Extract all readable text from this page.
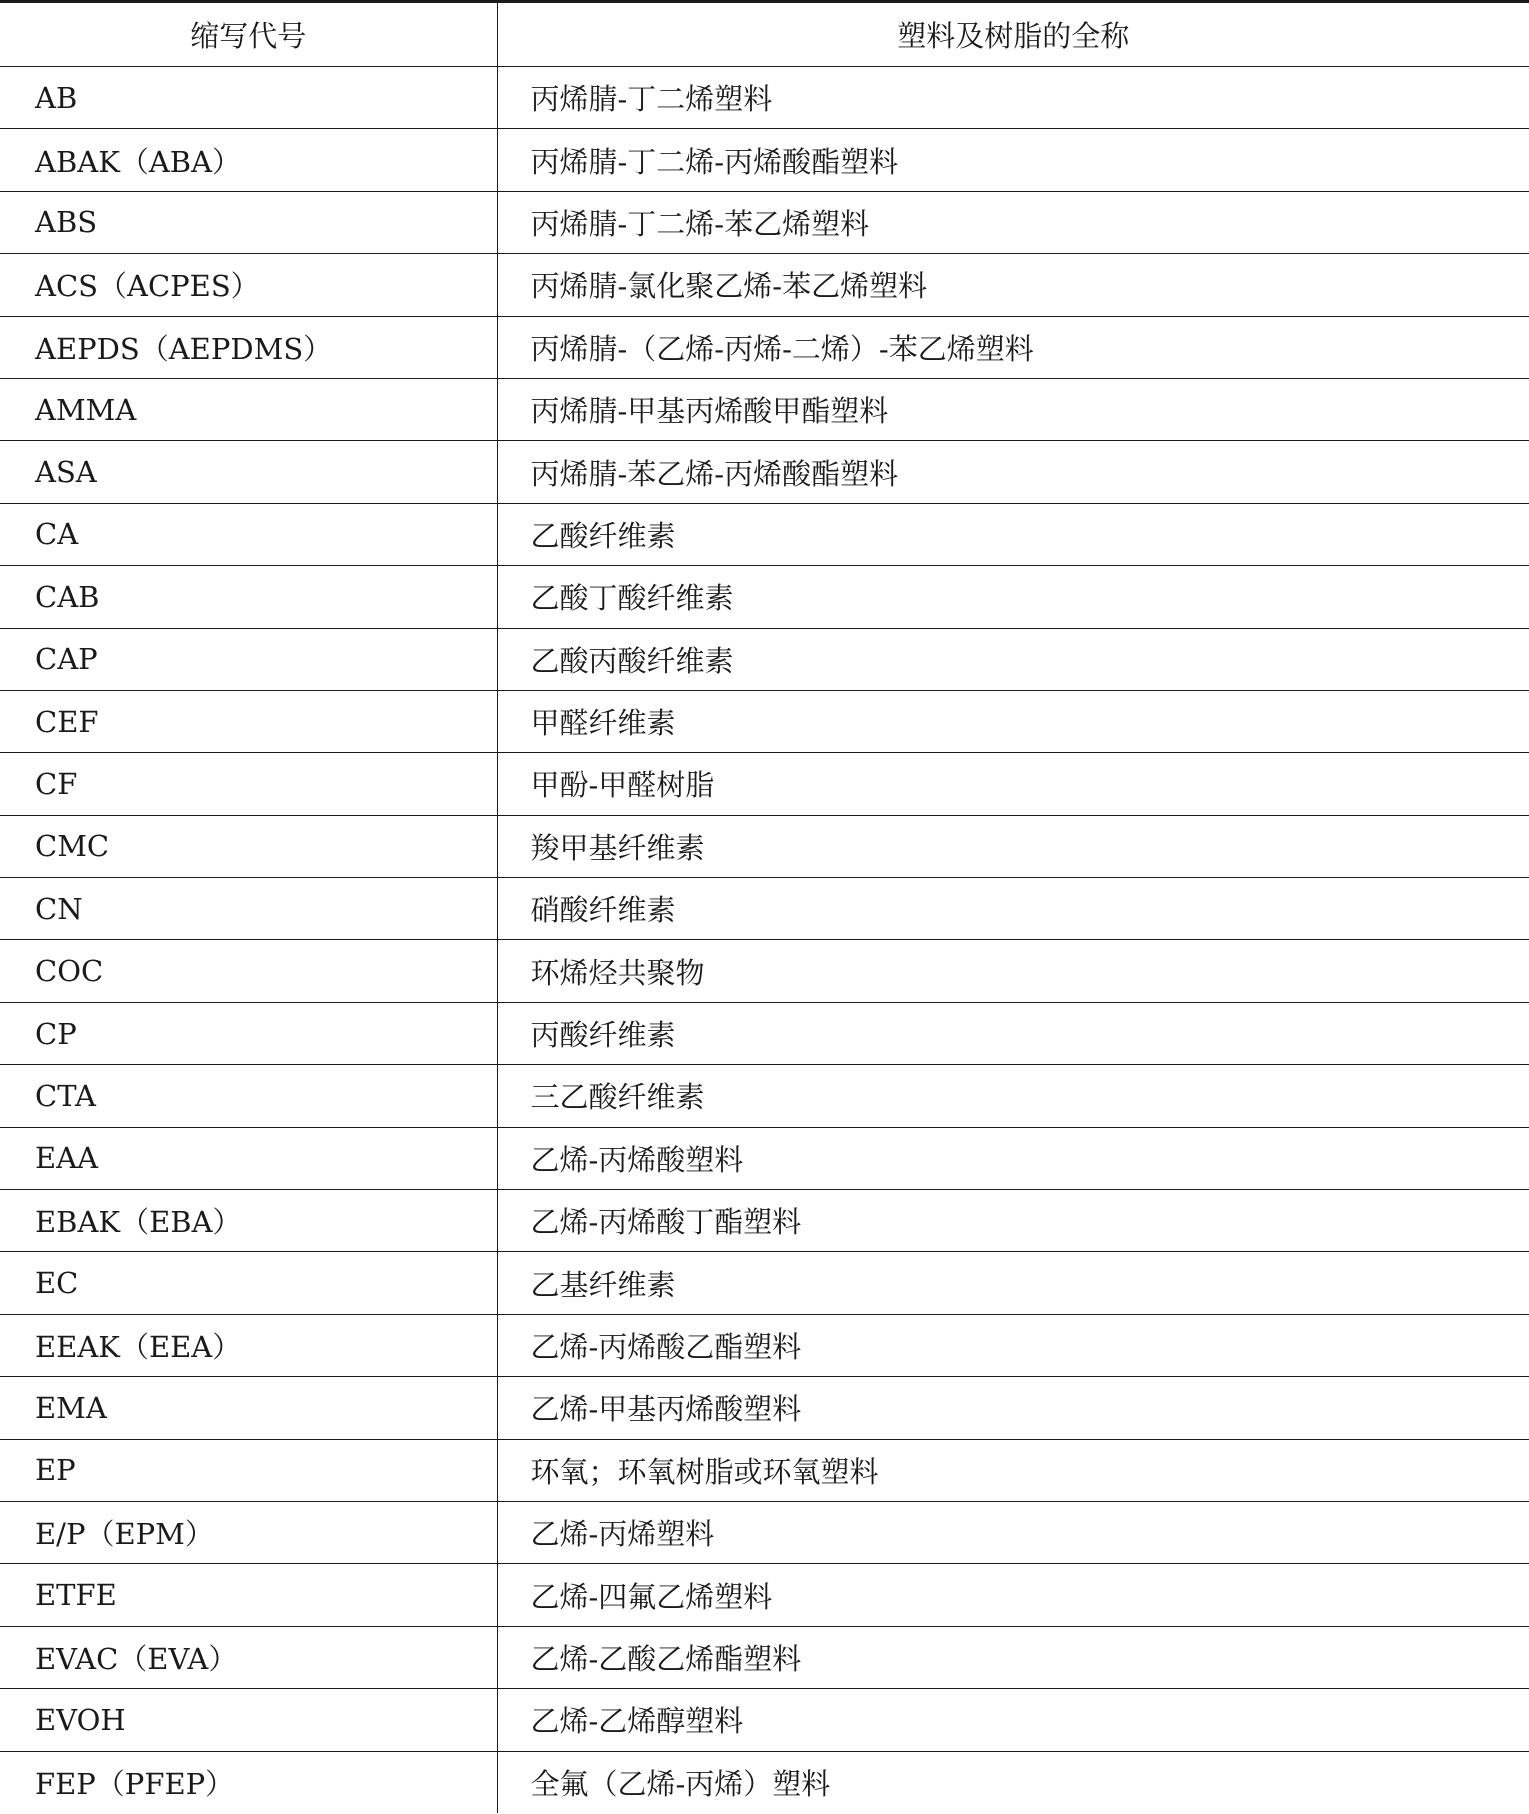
缩写代号	塑料及树脂的全称
AB	丙烯腈-丁二烯塑料
ABAK（ABA）	丙烯腈-丁二烯-丙烯酸酯塑料
ABS	丙烯腈-丁二烯-苯乙烯塑料
ACS（ACPES）	丙烯腈-氯化聚乙烯-苯乙烯塑料
AEPDS（AEPDMS）	丙烯腈-（乙烯-丙烯-二烯）-苯乙烯塑料
AMMA	丙烯腈-甲基丙烯酸甲酯塑料
ASA	丙烯腈-苯乙烯-丙烯酸酯塑料
CA	乙酸纤维素
CAB	乙酸丁酸纤维素
CAP	乙酸丙酸纤维素
CEF	甲醛纤维素
CF	甲酚-甲醛树脂
CMC	羧甲基纤维素
CN	硝酸纤维素
COC	环烯烃共聚物
CP	丙酸纤维素
CTA	三乙酸纤维素
EAA	乙烯-丙烯酸塑料
EBAK（EBA）	乙烯-丙烯酸丁酯塑料
EC	乙基纤维素
EEAK（EEA）	乙烯-丙烯酸乙酯塑料
EMA	乙烯-甲基丙烯酸塑料
EP	环氧；环氧树脂或环氧塑料
E/P（EPM）	乙烯-丙烯塑料
ETFE	乙烯-四氟乙烯塑料
EVAC（EVA）	乙烯-乙酸乙烯酯塑料
EVOH	乙烯-乙烯醇塑料
FEP（PFEP）	全氟（乙烯-丙烯）塑料
